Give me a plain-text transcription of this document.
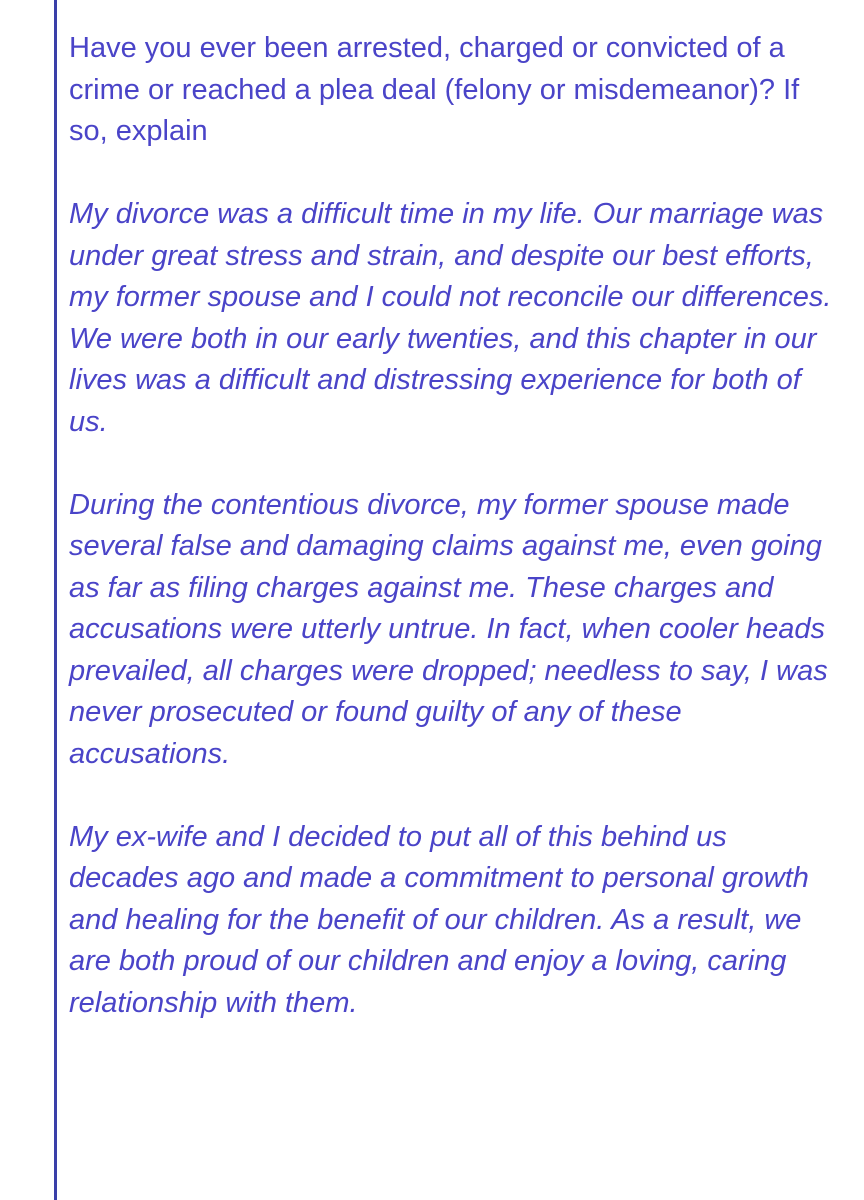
Have you ever been arrested, charged or convicted of a crime or reached a plea deal (felony or misdemeanor)? If so, explain

My divorce was a difficult time in my life. Our marriage was under great stress and strain, and despite our best efforts, my former spouse and I could not reconcile our differences. We were both in our early twenties, and this chapter in our lives was a difficult and distressing experience for both of us.

During the contentious divorce, my former spouse made several false and damaging claims against me, even going as far as filing charges against me. These charges and accusations were utterly untrue. In fact, when cooler heads prevailed, all charges were dropped; needless to say, I was never prosecuted or found guilty of any of these accusations.

My ex-wife and I decided to put all of this behind us decades ago and made a commitment to personal growth and healing for the benefit of our children. As a result, we are both proud of our children and enjoy a loving, caring relationship with them.
